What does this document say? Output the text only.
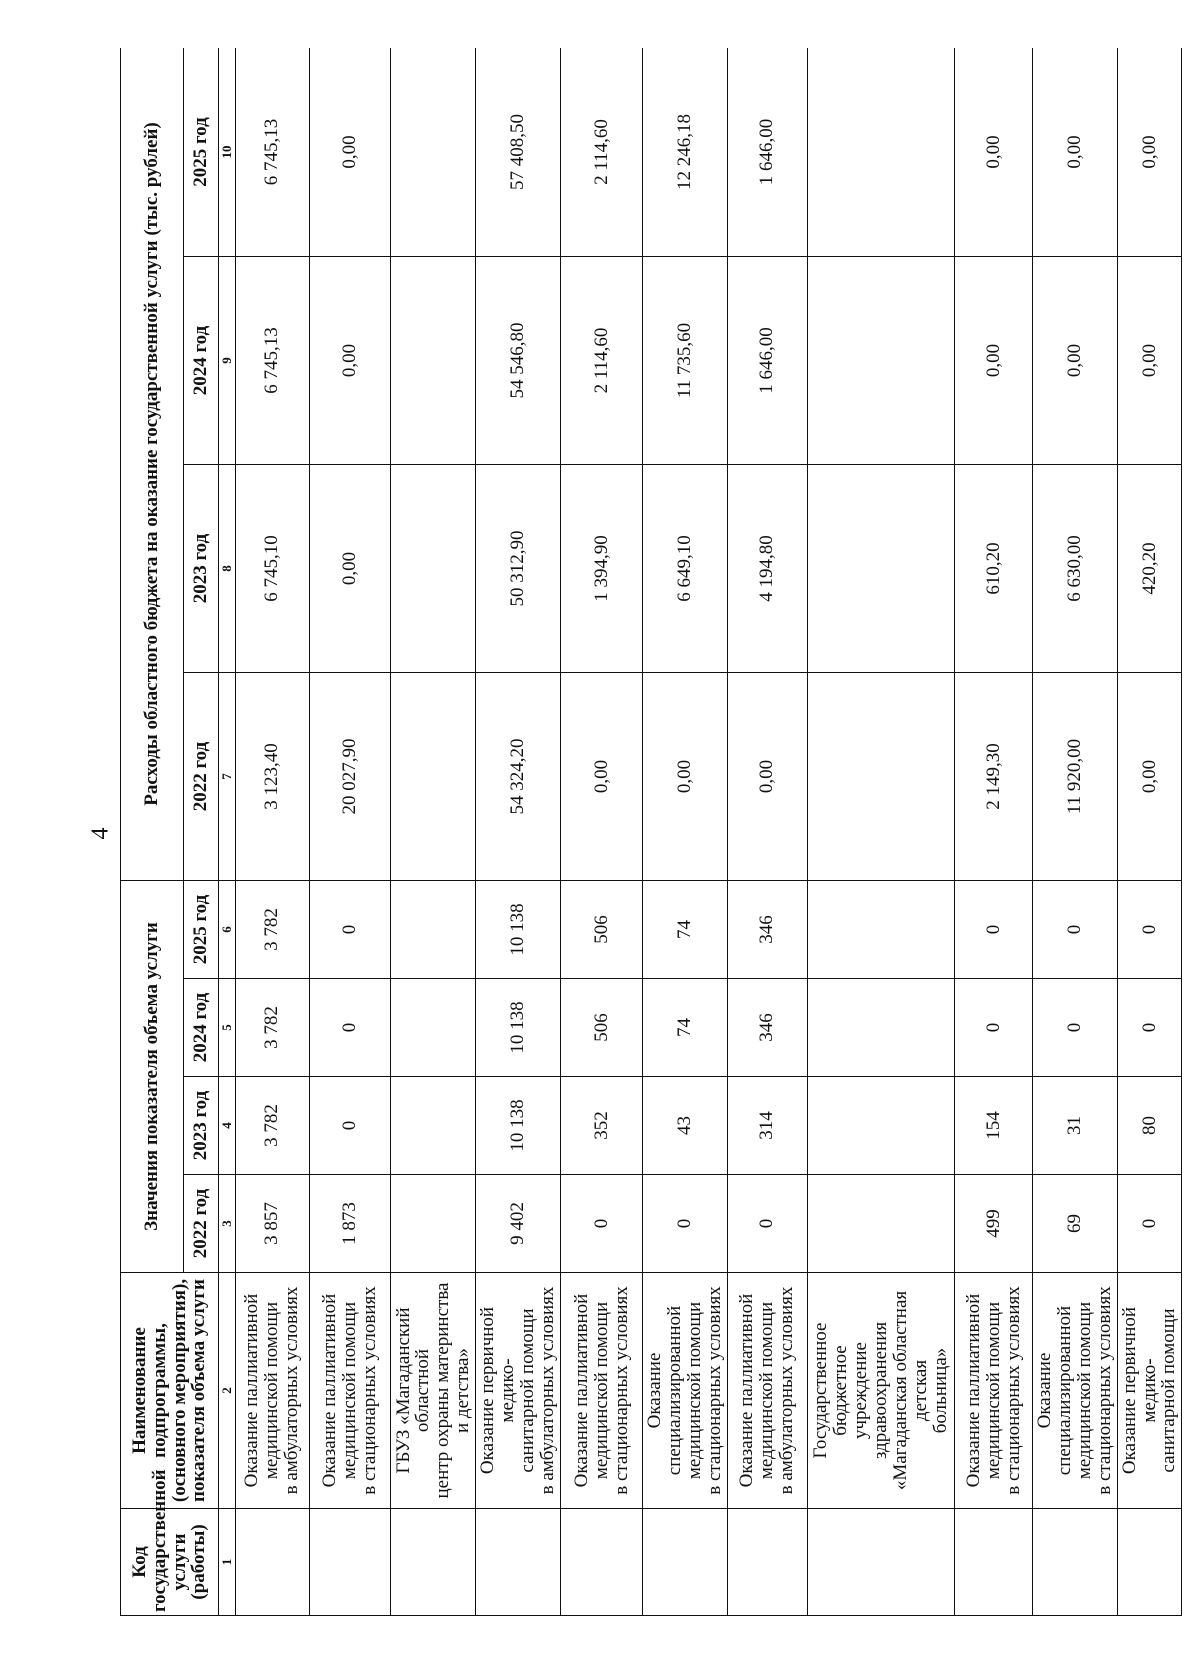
4
Код государственной услуги (работы)	Наименование подпрограммы, (основного мероприятия), показателя объема услуги	Значения показателя объема услуги				Расходы областного бюджета на оказание государственной услуги (тыс. рублей)			
		2022 год	2023 год	2024 год	2025 год	2022 год	2023 год	2024 год	2025 год
1	2	3	4	5	6	7	8	9	10
	Оказание паллиативной
медицинской помощи
в амбулаторных условиях	3 857	3 782	3 782	3 782	3 123,40	6 745,10	6 745,13	6 745,13
	Оказание паллиативной
медицинской помощи
в стационарных условиях	1 873	0	0	0	20 027,90	0,00	0,00	0,00
	ГБУЗ «Магаданский областной
центр охраны материнства
и детства»								
	Оказание первичной медико-
санитарной помощи
в амбулаторных условиях	9 402	10 138	10 138	10 138	54 324,20	50 312,90	54 546,80	57 408,50
	Оказание паллиативной
медицинской помощи
в стационарных условиях	0	352	506	506	0,00	1 394,90	2 114,60	2 114,60
	Оказание специализированной
медицинской помощи
в стационарных условиях	0	43	74	74	0,00	6 649,10	11 735,60	12 246,18
	Оказание паллиативной
медицинской помощи
в амбулаторных условиях	0	314	346	346	0,00	4 194,80	1 646,00	1 646,00
	Государственное бюджетное
учреждение здравоохранения
«Магаданская областная детская
больница»								
	Оказание паллиативной
медицинской помощи
в стационарных условиях	499	154	0	0	2 149,30	610,20	0,00	0,00
	Оказание специализированной
медицинской помощи
в стационарных условиях	69	31	0	0	11 920,00	6 630,00	0,00	0,00
	Оказание первичной медико-
санитарной помощи	0	80	0	0	0,00	420,20	0,00	0,00
